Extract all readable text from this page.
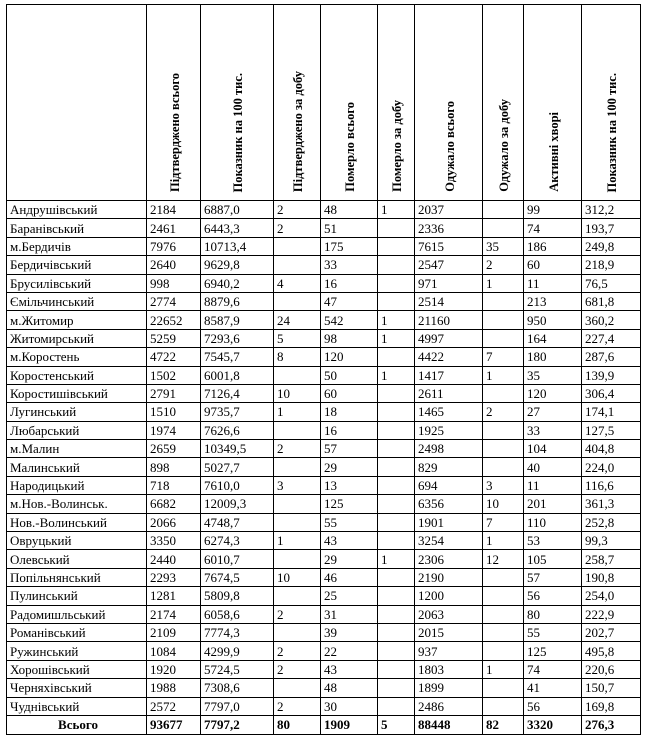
	Підтверджено всього	Показник на 100 тис.	Підтверджено за добу	Померло всього	Померло за добу	Одужало всього	Одужало за добу	Активні хворі	Показник на 100 тис.
Андрушівський	2184	6887,0	2	48	1	2037		99	312,2
Баранівський	2461	6443,3	2	51		2336		74	193,7
м.Бердичів	7976	10713,4		175		7615	35	186	249,8
Бердичівський	2640	9629,8		33		2547	2	60	218,9
Брусилівський	998	6940,2	4	16		971	1	11	76,5
Ємільчинський	2774	8879,6		47		2514		213	681,8
м.Житомир	22652	8587,9	24	542	1	21160		950	360,2
Житомирський	5259	7293,6	5	98	1	4997		164	227,4
м.Коростень	4722	7545,7	8	120		4422	7	180	287,6
Коростенський	1502	6001,8		50	1	1417	1	35	139,9
Коростишівський	2791	7126,4	10	60		2611		120	306,4
Лугинський	1510	9735,7	1	18		1465	2	27	174,1
Любарський	1974	7626,6		16		1925		33	127,5
м.Малин	2659	10349,5	2	57		2498		104	404,8
Малинський	898	5027,7		29		829		40	224,0
Народицький	718	7610,0	3	13		694	3	11	116,6
м.Нов.-Волинськ.	6682	12009,3		125		6356	10	201	361,3
Нов.-Волинський	2066	4748,7		55		1901	7	110	252,8
Овруцький	3350	6274,3	1	43		3254	1	53	99,3
Олевський	2440	6010,7		29	1	2306	12	105	258,7
Попільнянський	2293	7674,5	10	46		2190		57	190,8
Пулинський	1281	5809,8		25		1200		56	254,0
Радомишльський	2174	6058,6	2	31		2063		80	222,9
Романівський	2109	7774,3		39		2015		55	202,7
Ружинський	1084	4299,9	2	22		937		125	495,8
Хорошівський	1920	5724,5	2	43		1803	1	74	220,6
Черняхівський	1988	7308,6		48		1899		41	150,7
Чуднівський	2572	7797,0	2	30		2486		56	169,8
Всього	93677	7797,2	80	1909	5	88448	82	3320	276,3
